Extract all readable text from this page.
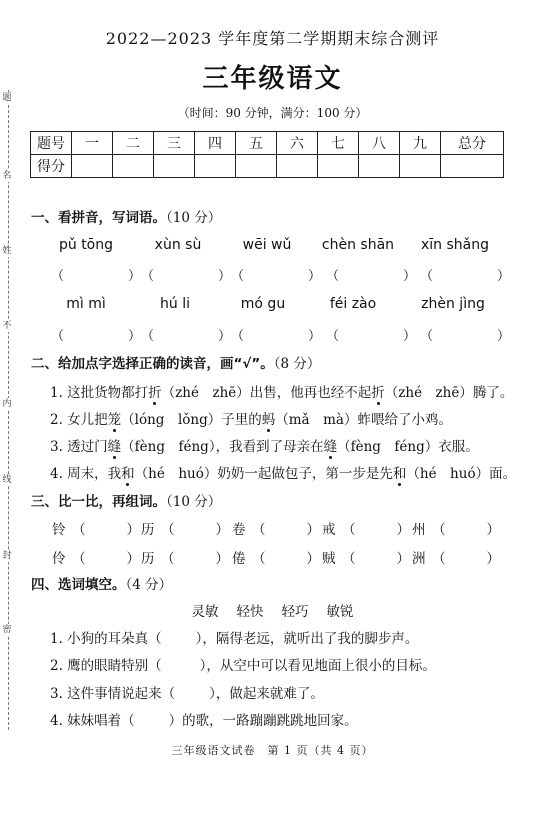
题
名
姓
不
内
线
封
密
2022—2023 学年度第二学期期末综合测评
三年级语文
（时间：90 分钟，满分：100 分）
题号	一	二	三	四	五	六	七	八	九	总分
得分										
一、看拼音，写词语。（10 分）
pǔ tōng	xùn sù	wēi wǔ	chèn shān	xīn shǎng
（	） （	） （	） （	） （	）
mì mì	hú li	mó gu	féi zào	zhèn jìng
（	） （	） （	） （	） （	）
二、给加点字选择正确的读音，画“√”。（8 分）
1. 这批货物都打折（zhé　zhē）出售，他再也经不起折（zhé　zhē）腾了。
2. 女儿把笼（lóng　lǒng）子里的蚂（mǎ　mà）蚱喂给了小鸡。
3. 透过门缝（fèng　féng），我看到了母亲在缝（fèng　féng）衣服。
4. 周末，我和（hé　huó）奶奶一起做包子，第一步是先和（hé　huó）面。
三、比一比，再组词。（10 分）
铃 （	） 历 （	） 卷 （	） 戒 （	） 州 （	）
伶 （	） 历 （	） 倦 （	） 贼 （	） 洲 （	）
四、选词填空。（4 分）
灵敏 轻快 轻巧 敏锐
1. 小狗的耳朵真（	），隔得老远，就听出了我的脚步声。
2. 鹰的眼睛特别（	），从空中可以看见地面上很小的目标。
3. 这件事情说起来（	），做起来就难了。
4. 妹妹唱着（	）的歌，一路蹦蹦跳跳地回家。
三年级语文试卷　第 1 页（共 4 页）
